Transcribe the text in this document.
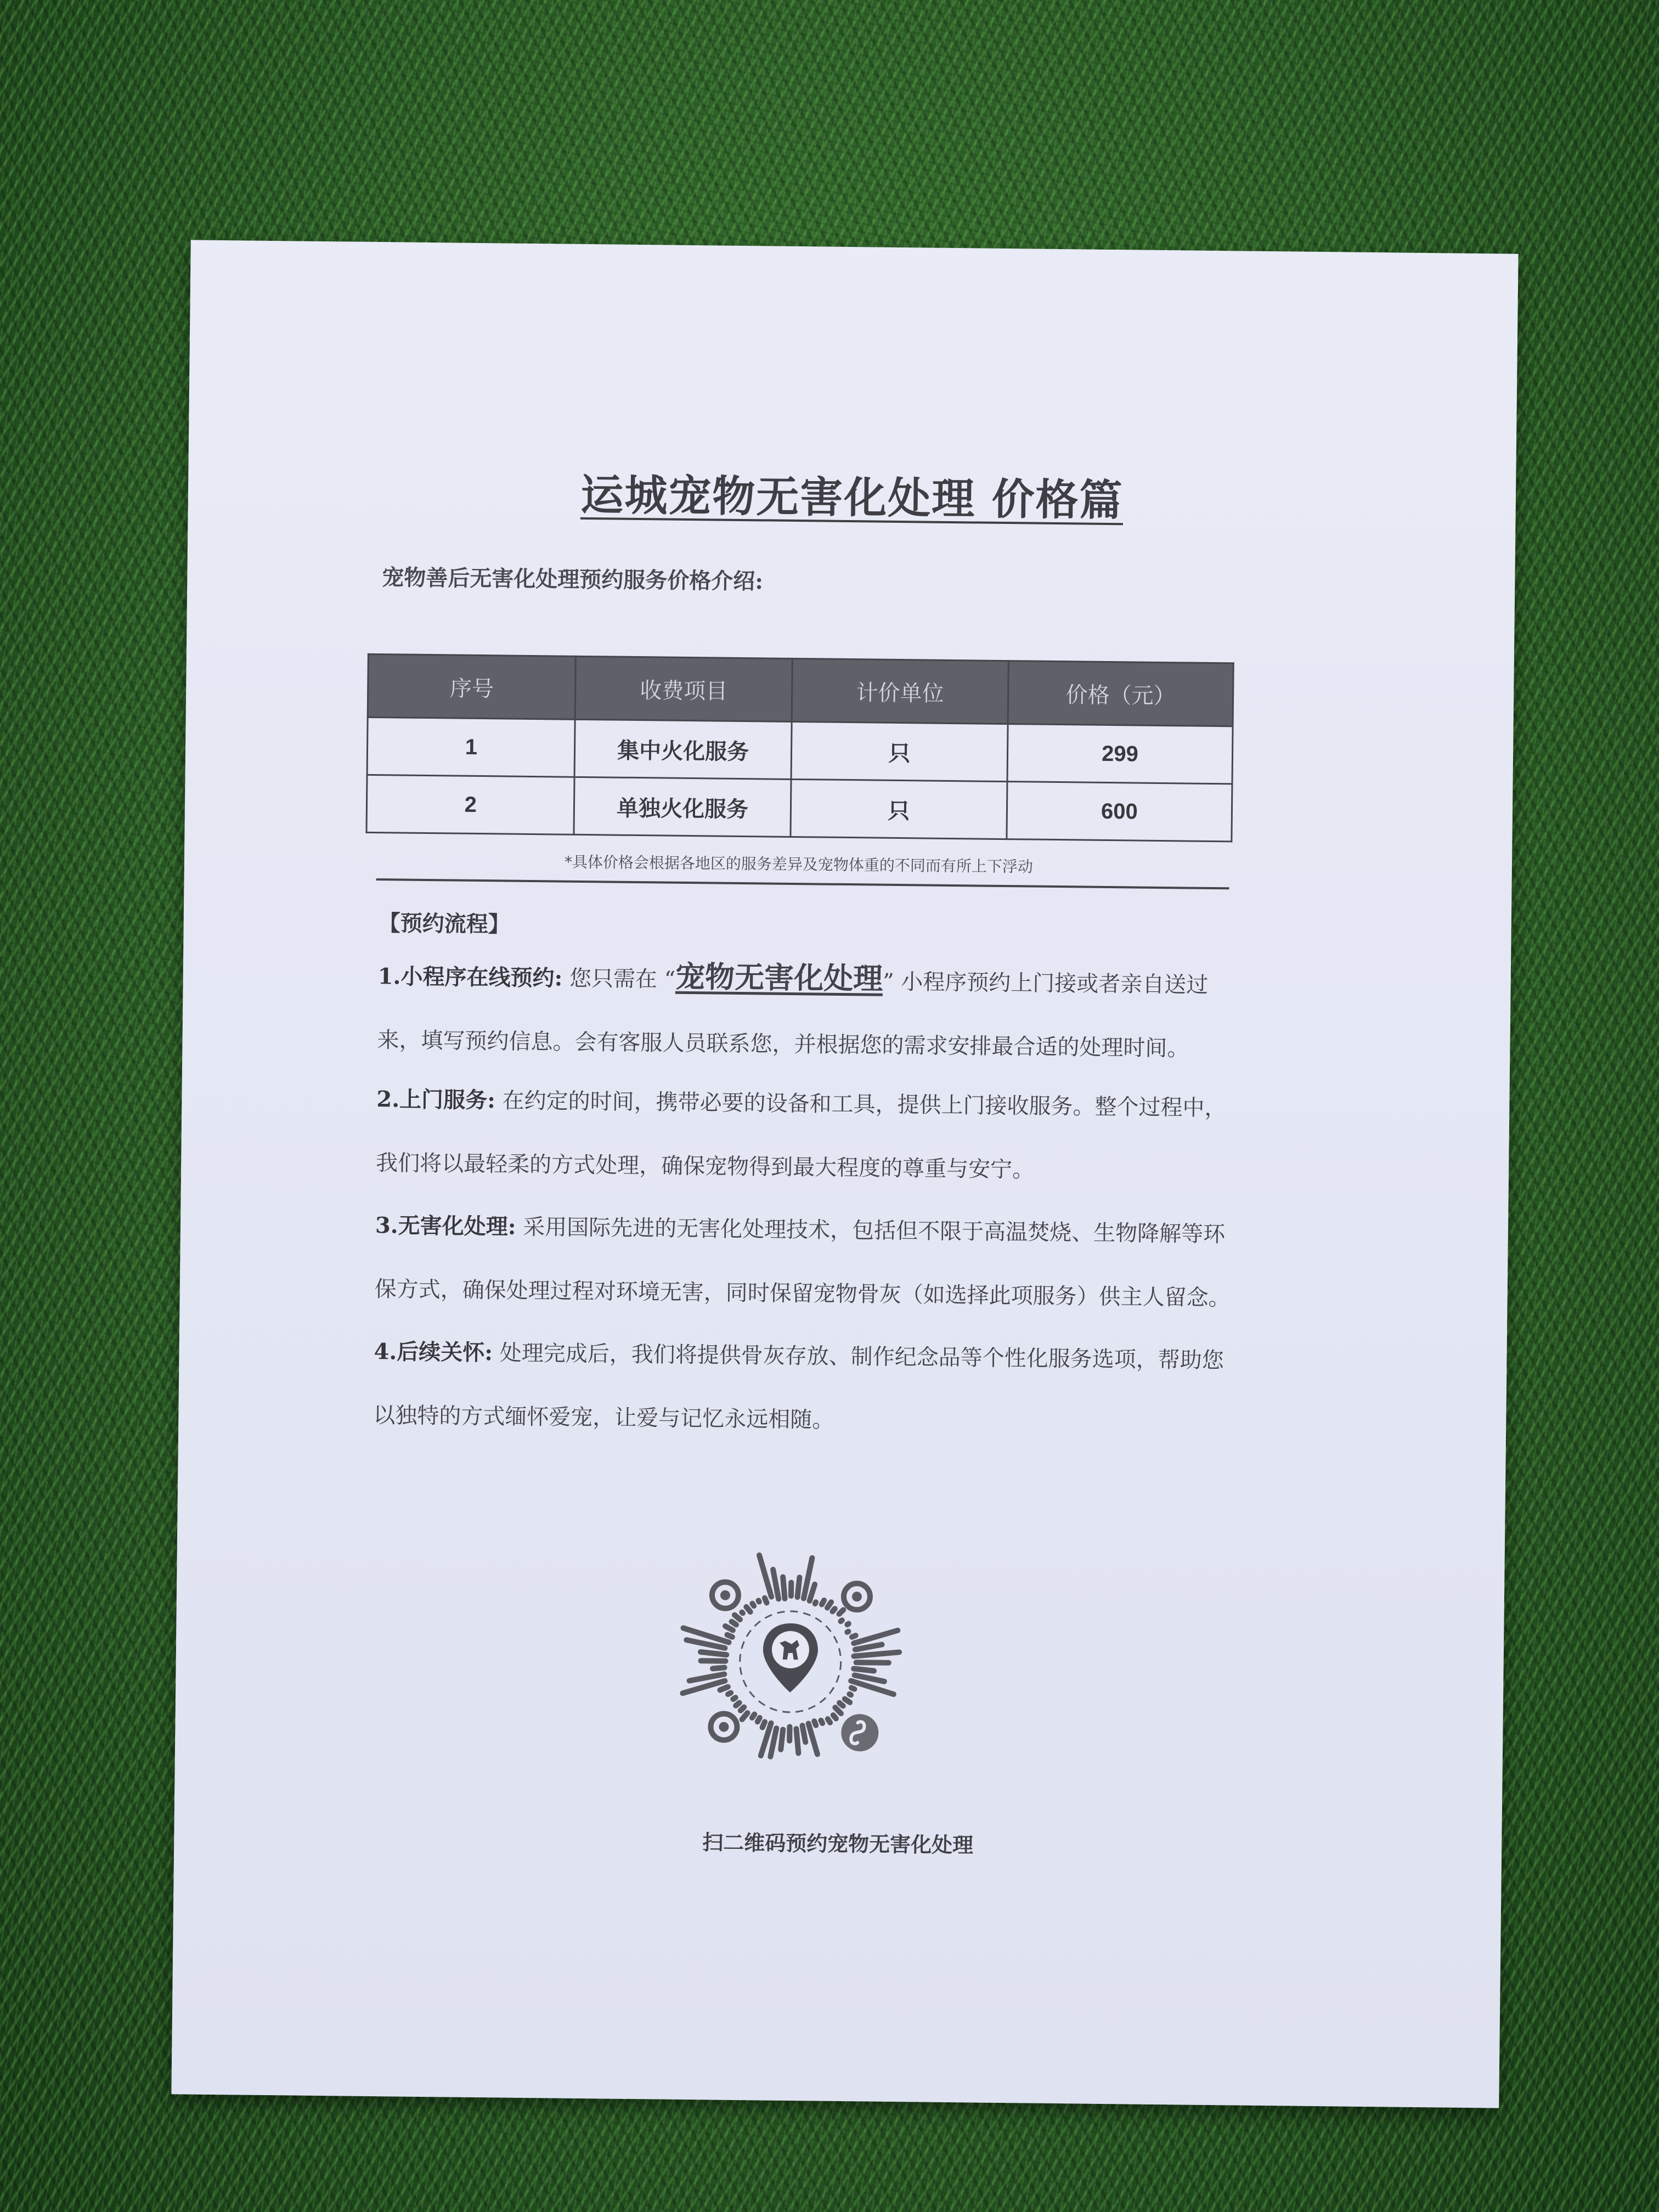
运城宠物无害化处理 价格篇
宠物善后无害化处理预约服务价格介绍:
序号	收费项目	计价单位	价格（元）
1	集中火化服务	只	299
2	单独火化服务	只	600
*具体价格会根据各地区的服务差异及宠物体重的不同而有所上下浮动
【预约流程】
1.小程序在线预约: 您只需在 “宠物无害化处理” 小程序预约上门接或者亲自送过来，填写预约信息。会有客服人员联系您，并根据您的需求安排最合适的处理时间。
2.上门服务: 在约定的时间，携带必要的设备和工具，提供上门接收服务。整个过程中，我们将以最轻柔的方式处理，确保宠物得到最大程度的尊重与安宁。
3.无害化处理: 采用国际先进的无害化处理技术，包括但不限于高温焚烧、生物降解等环保方式，确保处理过程对环境无害，同时保留宠物骨灰（如选择此项服务）供主人留念。
4.后续关怀: 处理完成后，我们将提供骨灰存放、制作纪念品等个性化服务选项，帮助您以独特的方式缅怀爱宠，让爱与记忆永远相随。
扫二维码预约宠物无害化处理
